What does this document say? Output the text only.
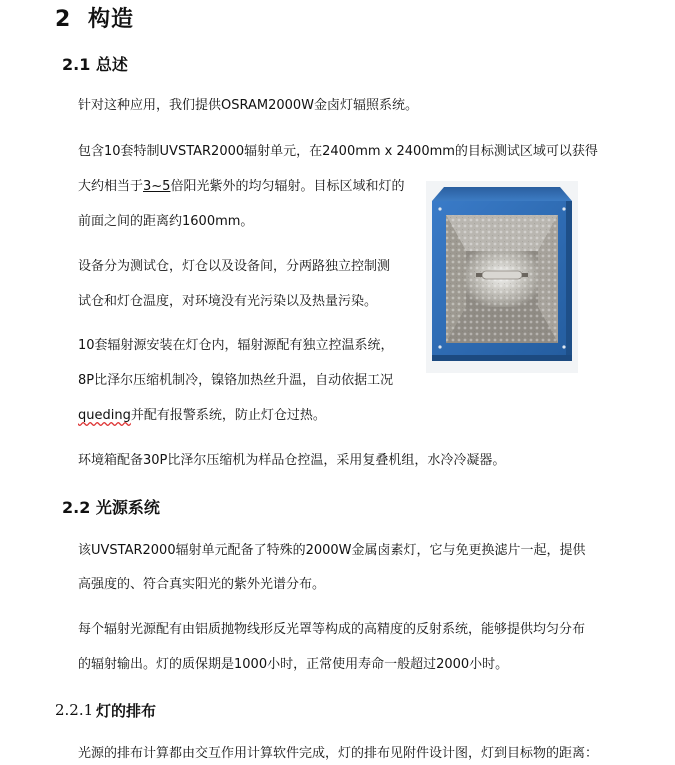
2 构造
2.1 总述
针对这种应用，我们提供OSRAM2000W金卤灯辐照系统。
包含10套特制UVSTAR2000辐射单元，在2400mm x 2400mm的目标测试区域可以获得
大约相当于3~5倍阳光紫外的均匀辐射。目标区域和灯的
前面之间的距离约1600mm。
设备分为测试仓，灯仓以及设备间，分两路独立控制测
试仓和灯仓温度，对环境没有光污染以及热量污染。
10套辐射源安装在灯仓内，辐射源配有独立控温系统，
8P比泽尔压缩机制冷，镍铬加热丝升温，自动依据工况
queding并配有报警系统，防止灯仓过热。
环境箱配备30P比泽尔压缩机为样品仓控温，采用复叠机组，水冷冷凝器。
2.2 光源系统
该UVSTAR2000辐射单元配备了特殊的2000W金属卤素灯，它与免更换滤片一起，提供
高强度的、符合真实阳光的紫外光谱分布。
每个辐射光源配有由铝质抛物线形反光罩等构成的高精度的反射系统，能够提供均匀分布
的辐射输出。灯的质保期是1000小时，正常使用寿命一般超过2000小时。
2.2.1 灯的排布
光源的排布计算都由交互作用计算软件完成，灯的排布见附件设计图，灯到目标物的距离：
